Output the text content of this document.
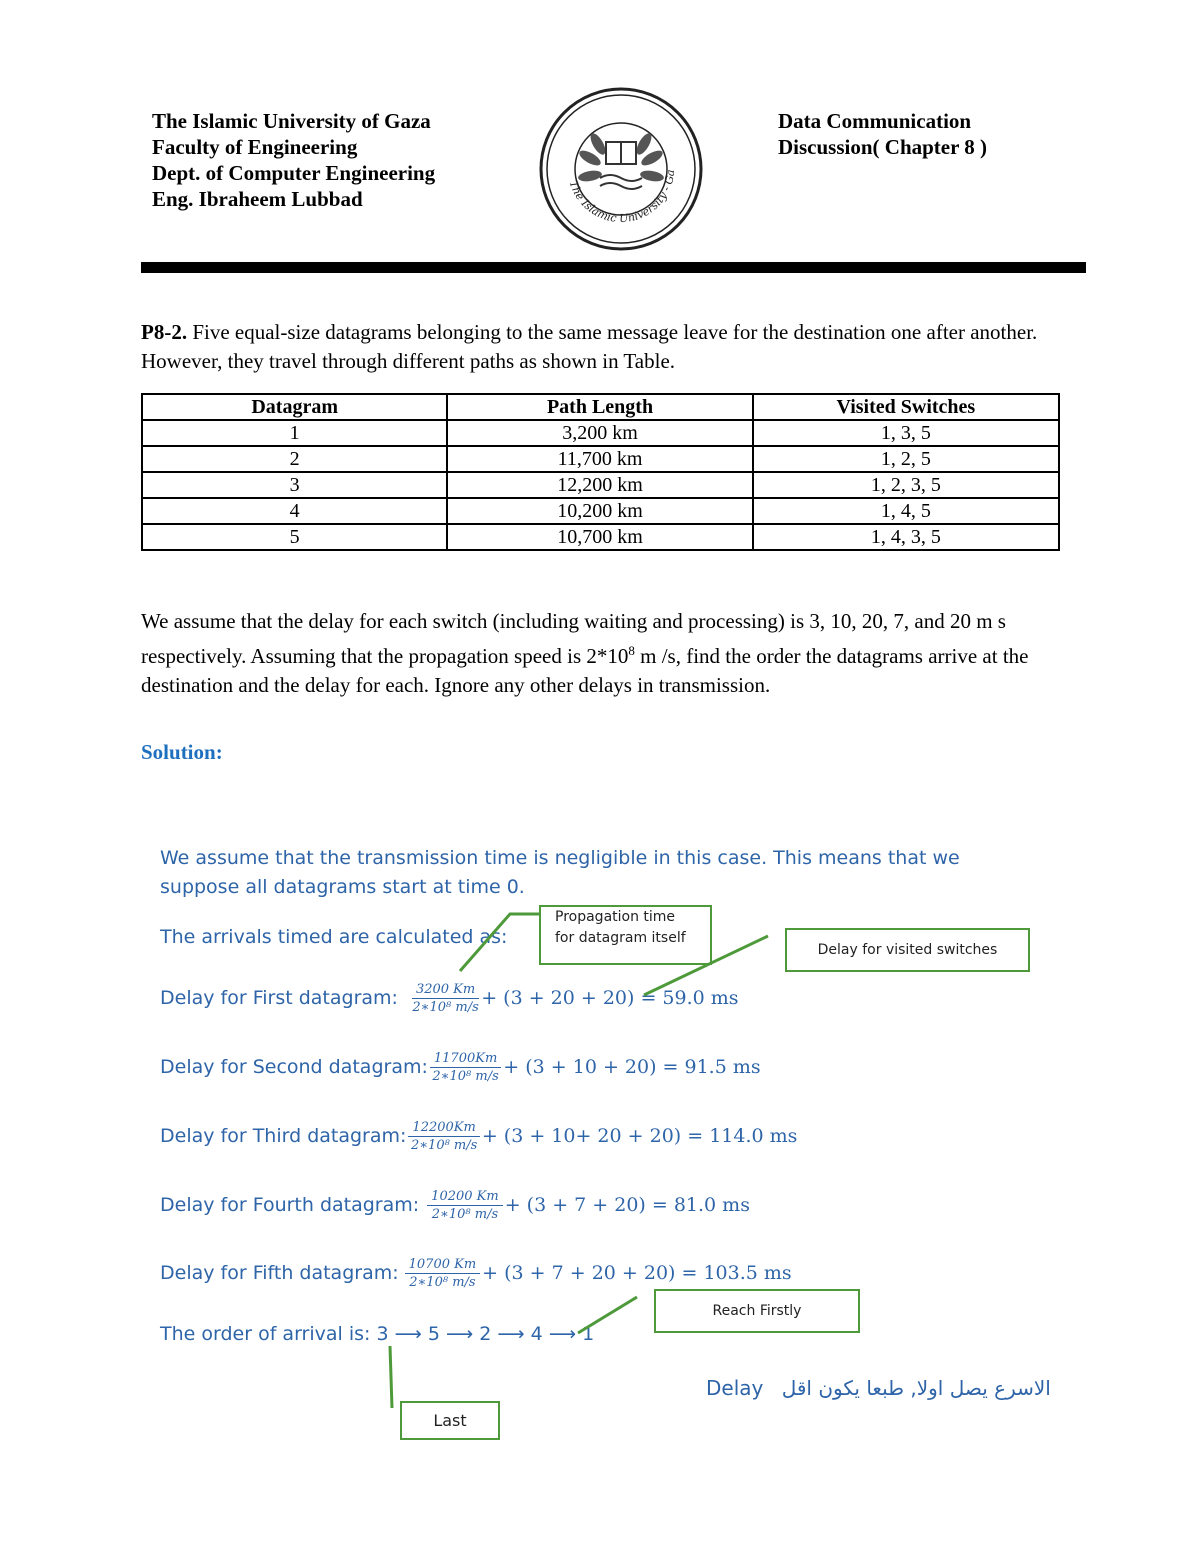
The Islamic University of Gaza
Faculty of Engineering
Dept. of Computer Engineering
Eng. Ibraheem Lubbad
The Islamic University - Ga
Data Communication
Discussion( Chapter 8 )
P8-2. Five equal-size datagrams belonging to the same message leave for the destination one after another. However, they travel through different paths as shown in Table.
Datagram	Path Length	Visited Switches
1	3,200 km	1, 3, 5
2	11,700 km	1, 2, 5
3	12,200 km	1, 2, 3, 5
4	10,200 km	1, 4, 5
5	10,700 km	1, 4, 3, 5
We assume that the delay for each switch (including waiting and processing) is 3, 10, 20, 7, and 20 m s respectively. Assuming that the propagation speed is $2*10^8$ m /s, find the order the datagrams arrive at the destination and the delay for each. Ignore any other delays in transmission.
Solution:
We assume that the transmission time is negligible in this case. This means that we suppose all datagrams start at time 0.
The arrivals timed are calculated as:
Delay for First datagram: $\frac{3200 Km}{\text{2∗10⁸ m/s}} + (3 + 20 + 20) = 59.0$ ms
Delay for Second datagram: $\frac{11700Km}{\text{2∗10⁸ m/s}} + (3 + 10 + 20) = 91.5$ ms
Delay for Third datagram: $\frac{12200Km}{\text{2∗10⁸ m/s}} + (3 + 10+ 20 + 20) = 114.0$ ms
Delay for Fourth datagram: $\frac{10200 Km}{\text{2∗10⁸ m/s}} + (3 + 7 + 20) = 81.0$ ms
Delay for Fifth datagram: $\frac{10700 Km}{\text{2∗10⁸ m/s}} + (3 + 7 + 20 + 20) = 103.5$ ms
The order of arrival is: 3 ⟶ 5 ⟶ 2 ⟶ 4 ⟶ 1
Delay الاسرع يصل اولا, طبعا يكون اقل
Propagation time
for datagram itself
Delay for visited switches
Reach Firstly
Last
